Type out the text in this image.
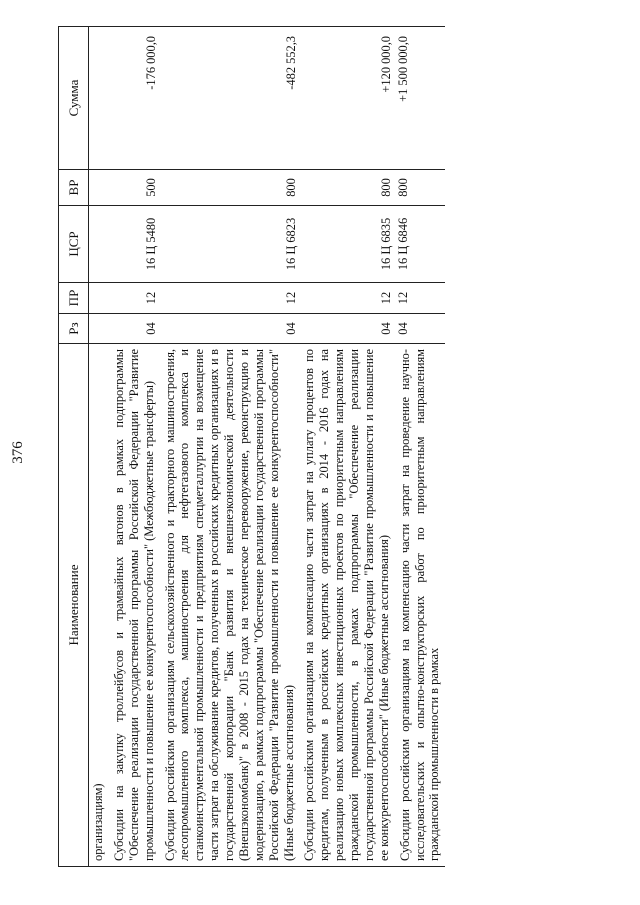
376
Наименование	Рз	ПР	ЦСР	ВР	Сумма
организациям)					
Субсидии на закупку троллейбусов и трамвайных вагонов в рамках подпрограммы "Обеспечение реализации государственной программы Российской Федерации "Развитие промышленности и повышение ее конкурентоспособности" (Межбюджетные трансферты)	04	12	16 Ц 5480	500	-176 000,0
Субсидии российским организациям сельскохозяйственного и тракторного машиностроения, лесопромышленного комплекса, машиностроения для нефтегазового комплекса и станкоинструментальной промышленности и предприятиям спецметаллургии на возмещение части затрат на обслуживание кредитов, полученных в российских кредитных организациях и в государственной корпорации "Банк развития и внешнеэкономической деятельности (Внешэкономбанк)" в 2008 - 2015 годах на техническое перевооружение, реконструкцию и модернизацию, в рамках подпрограммы "Обеспечение реализации государственной программы Российской Федерации "Развитие промышленности и повышение ее конкурентоспособности" (Иные бюджетные ассигнования)	04	12	16 Ц 6823	800	-482 552,3
Субсидии российским организациям на компенсацию части затрат на уплату процентов по кредитам, полученным в российских кредитных организациях в 2014 - 2016 годах на реализацию новых комплексных инвестиционных проектов по приоритетным направлениям гражданской промышленности, в рамках подпрограммы "Обеспечение реализации государственной программы Российской Федерации "Развитие промышленности и повышение ее конкурентоспособности" (Иные бюджетные ассигнования)	04	12	16 Ц 6835	800	+120 000,0
Субсидии российским организациям на компенсацию части затрат на проведение научно-исследовательских и опытно-конструкторских работ по приоритетным направлениям гражданской промышленности в рамках	04	12	16 Ц 6846	800	+1 500 000,0
